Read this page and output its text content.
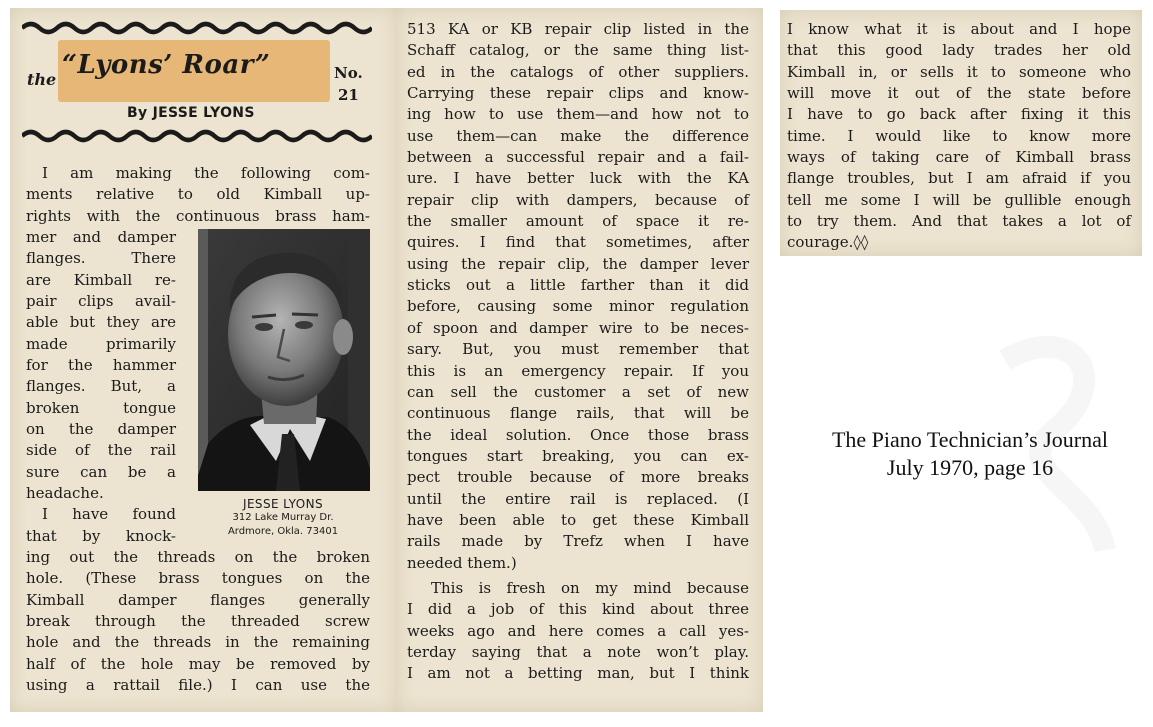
the “Lyons’ Roar”	No.
21
By JESSE LYONS
I am making the following com-
ments relative to old Kimball up-
rights with the continuous brass ham-
mer and damper
flanges. There
are Kimball re-
pair clips avail-
able but they are
made primarily
for the hammer
flanges. But, a
broken tongue
on the damper
side of the rail
sure can be a
headache.
I have found
that by knock-
ing out the threads on the broken
hole. (These brass tongues on the
Kimball damper flanges generally
break through the threaded screw
hole and the threads in the remaining
half of the hole may be removed by
using a rattail file.) I can use the
JESSE LYONS
312 Lake Murray Dr.
Ardmore, Okla. 73401
513 KA or KB repair clip listed in the
Schaff catalog, or the same thing list-
ed in the catalogs of other suppliers.
Carrying these repair clips and know-
ing how to use them—and how not to
use them—can make the difference
between a successful repair and a fail-
ure. I have better luck with the KA
repair clip with dampers, because of
the smaller amount of space it re-
quires. I find that sometimes, after
using the repair clip, the damper lever
sticks out a little farther than it did
before, causing some minor regulation
of spoon and damper wire to be neces-
sary. But, you must remember that
this is an emergency repair. If you
can sell the customer a set of new
continuous flange rails, that will be
the ideal solution. Once those brass
tongues start breaking, you can ex-
pect trouble because of more breaks
until the entire rail is replaced. (I
have been able to get these Kimball
rails made by Trefz when I have
needed them.)
This is fresh on my mind because
I did a job of this kind about three
weeks ago and here comes a call yes-
terday saying that a note won’t play.
I am not a betting man, but I think
I know what it is about and I hope
that this good lady trades her old
Kimball in, or sells it to someone who
will move it out of the state before
I have to go back after fixing it this
time. I would like to know more
ways of taking care of Kimball brass
flange troubles, but I am afraid if you
tell me some I will be gullible enough
to try them. And that takes a lot of
courage.◊◊
The Piano Technician’s Journal
July 1970, page 16
